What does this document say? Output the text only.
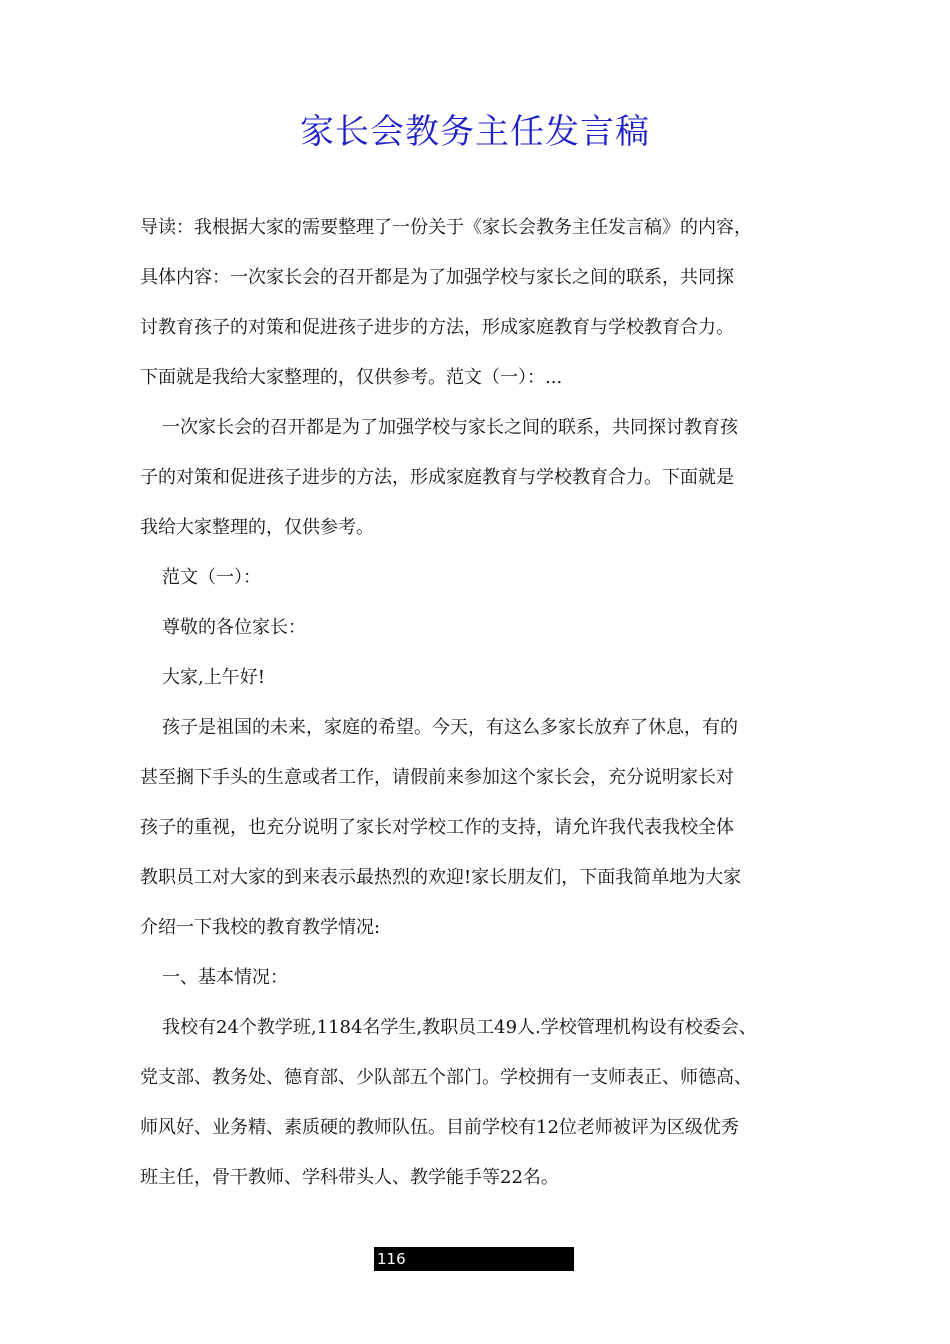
家长会教务主任发言稿
导读：我根据大家的需要整理了一份关于《家长会教务主任发言稿》的内容，
具体内容：一次家长会的召开都是为了加强学校与家长之间的联系，共同探
讨教育孩子的对策和促进孩子进步的方法，形成家庭教育与学校教育合力。
下面就是我给大家整理的，仅供参考。范文（一）：...
一次家长会的召开都是为了加强学校与家长之间的联系，共同探讨教育孩
子的对策和促进孩子进步的方法，形成家庭教育与学校教育合力。下面就是
我给大家整理的，仅供参考。
范文（一）：
尊敬的各位家长：
大家,上午好!
孩子是祖国的未来，家庭的希望。今天，有这么多家长放弃了休息，有的
甚至搁下手头的生意或者工作，请假前来参加这个家长会，充分说明家长对
孩子的重视，也充分说明了家长对学校工作的支持，请允许我代表我校全体
教职员工对大家的到来表示最热烈的欢迎!家长朋友们，下面我简单地为大家
介绍一下我校的教育教学情况:
一、基本情况：
我校有24个教学班,1184名学生,教职员工49人.学校管理机构设有校委会、
党支部、教务处、德育部、少队部五个部门。学校拥有一支师表正、师德高、
师风好、业务精、素质硬的教师队伍。目前学校有12位老师被评为区级优秀
班主任，骨干教师、学科带头人、教学能手等22名。
116
